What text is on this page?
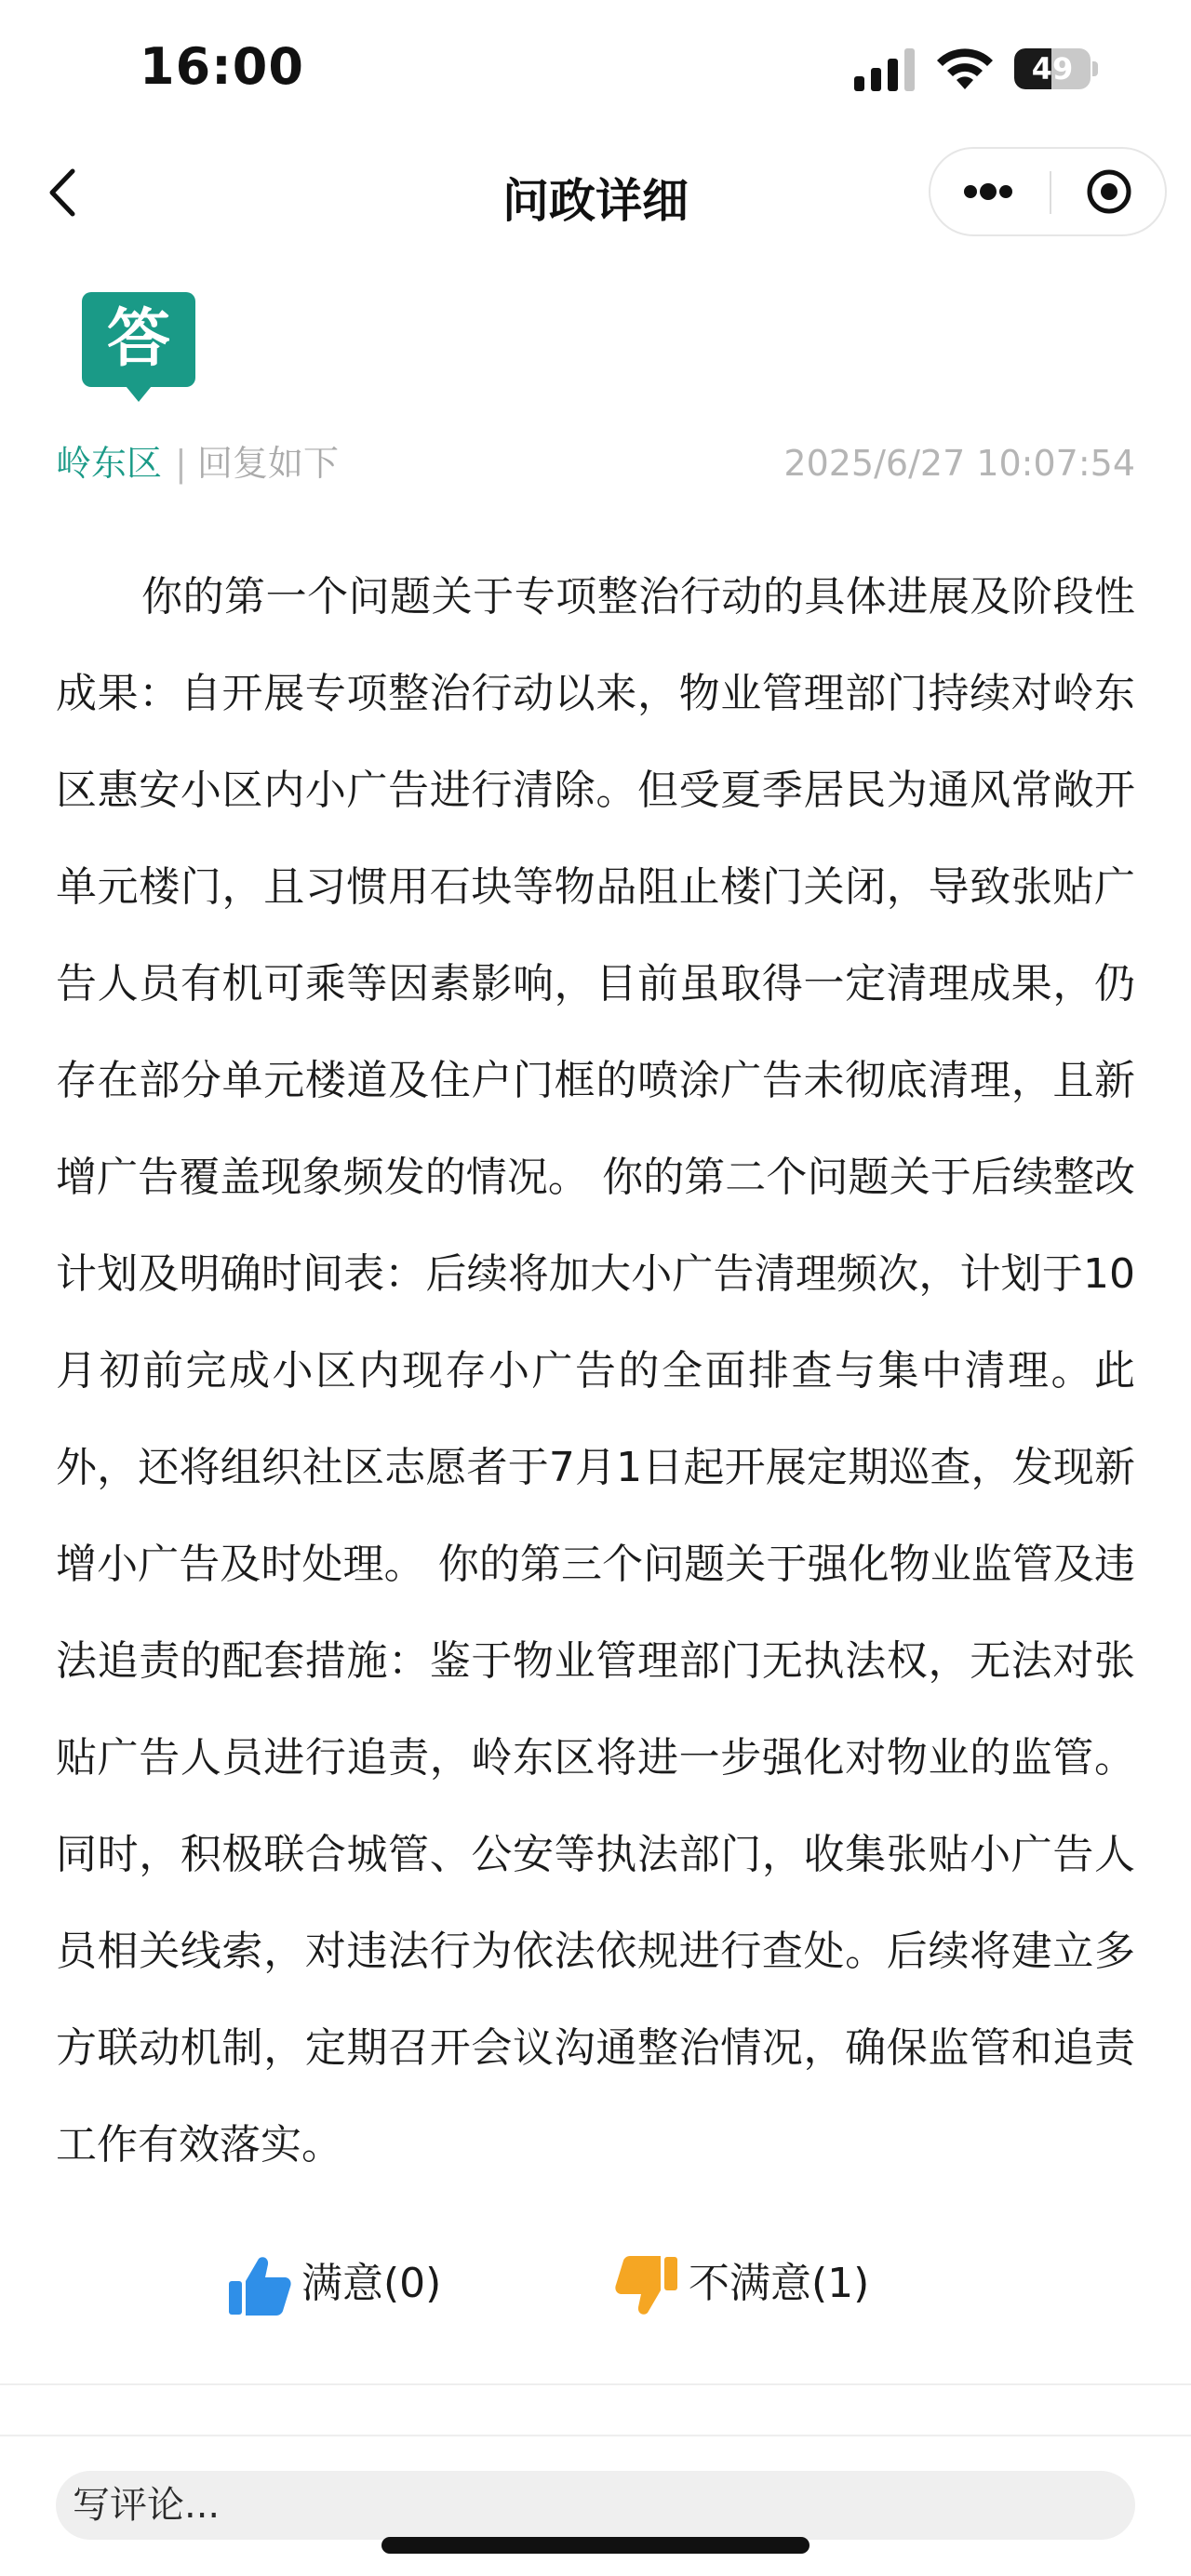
16:00	49
问政详细
答
岭东区 | 回复如下	2025/6/27 10:07:54
你的第一个问题关于专项整治行动的具体进展及阶段性成果：自开展专项整治行动以来，物业管理部门持续对岭东区惠安小区内小广告进行清除。但受夏季居民为通风常敞开单元楼门，且习惯用石块等物品阻止楼门关闭，导致张贴广告人员有机可乘等因素影响，目前虽取得一定清理成果，仍存在部分单元楼道及住户门框的喷涂广告未彻底清理，且新增广告覆盖现象频发的情况。 你的第二个问题关于后续整改计划及明确时间表：后续将加大小广告清理频次，计划于10月初前完成小区内现存小广告的全面排查与集中清理。此外，还将组织社区志愿者于7月1日起开展定期巡查，发现新增小广告及时处理。 你的第三个问题关于强化物业监管及违法追责的配套措施：鉴于物业管理部门无执法权，无法对张贴广告人员进行追责，岭东区将进一步强化对物业的监管。同时，积极联合城管、公安等执法部门，收集张贴小广告人员相关线索，对违法行为依法依规进行查处。后续将建立多方联动机制，定期召开会议沟通整治情况，确保监管和追责工作有效落实。
满意(0)	不满意(1)
写评论...
